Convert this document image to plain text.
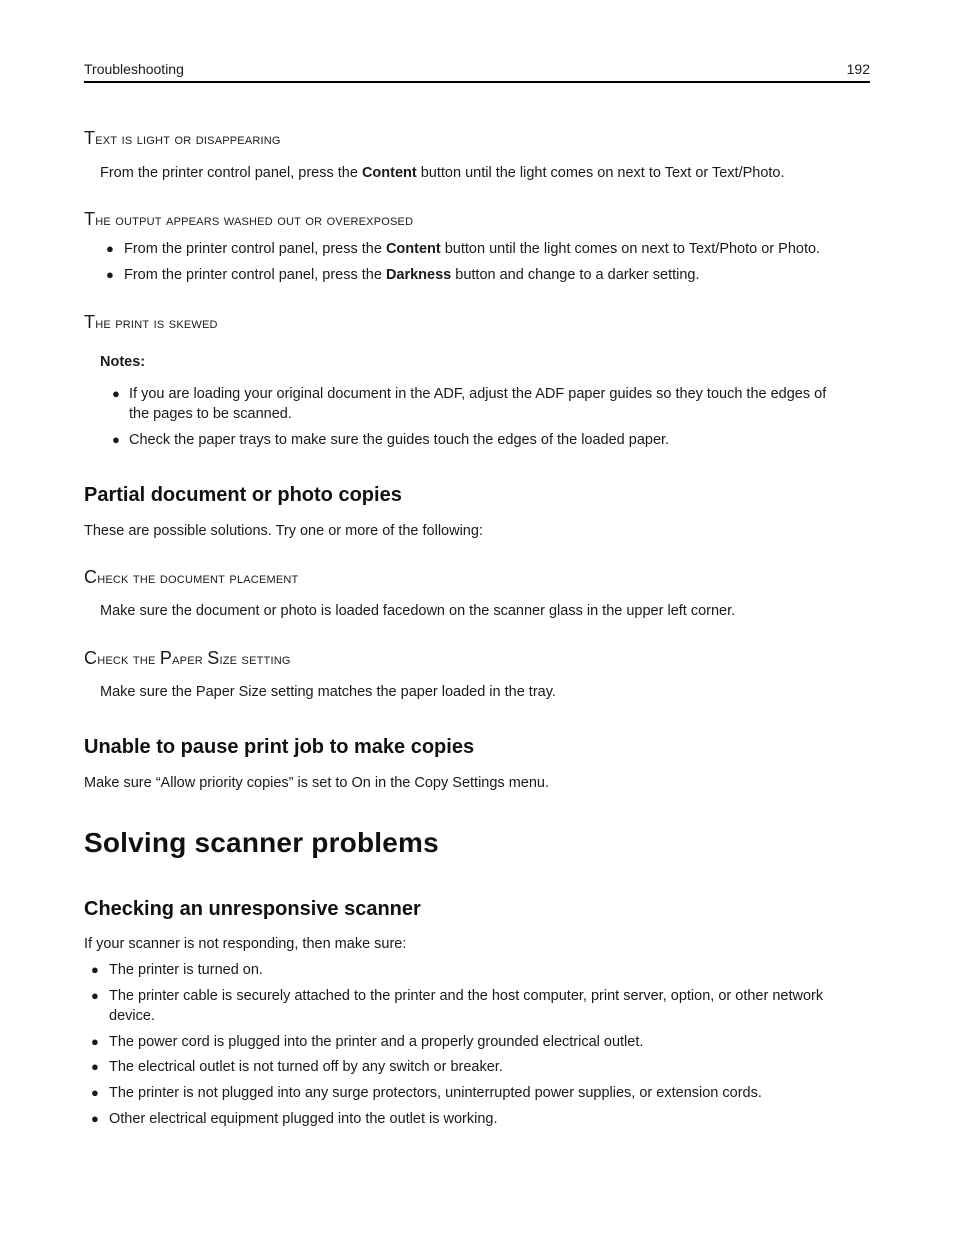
Troubleshooting	192
Text is light or disappearing
From the printer control panel, press the Content button until the light comes on next to Text or Text/Photo.
The output appears washed out or overexposed
● From the printer control panel, press the Content button until the light comes on next to Text/Photo or Photo.
● From the printer control panel, press the Darkness button and change to a darker setting.
The print is skewed
Notes:
● If you are loading your original document in the ADF, adjust the ADF paper guides so they touch the edges of
the pages to be scanned.
● Check the paper trays to make sure the guides touch the edges of the loaded paper.
Partial document or photo copies
These are possible solutions. Try one or more of the following:
Check the document placement
Make sure the document or photo is loaded facedown on the scanner glass in the upper left corner.
Check the Paper Size setting
Make sure the Paper Size setting matches the paper loaded in the tray.
Unable to pause print job to make copies
Make sure “Allow priority copies” is set to On in the Copy Settings menu.
Solving scanner problems
Checking an unresponsive scanner
If your scanner is not responding, then make sure:
● The printer is turned on.
● The printer cable is securely attached to the printer and the host computer, print server, option, or other network
device.
● The power cord is plugged into the printer and a properly grounded electrical outlet.
● The electrical outlet is not turned off by any switch or breaker.
● The printer is not plugged into any surge protectors, uninterrupted power supplies, or extension cords.
● Other electrical equipment plugged into the outlet is working.
